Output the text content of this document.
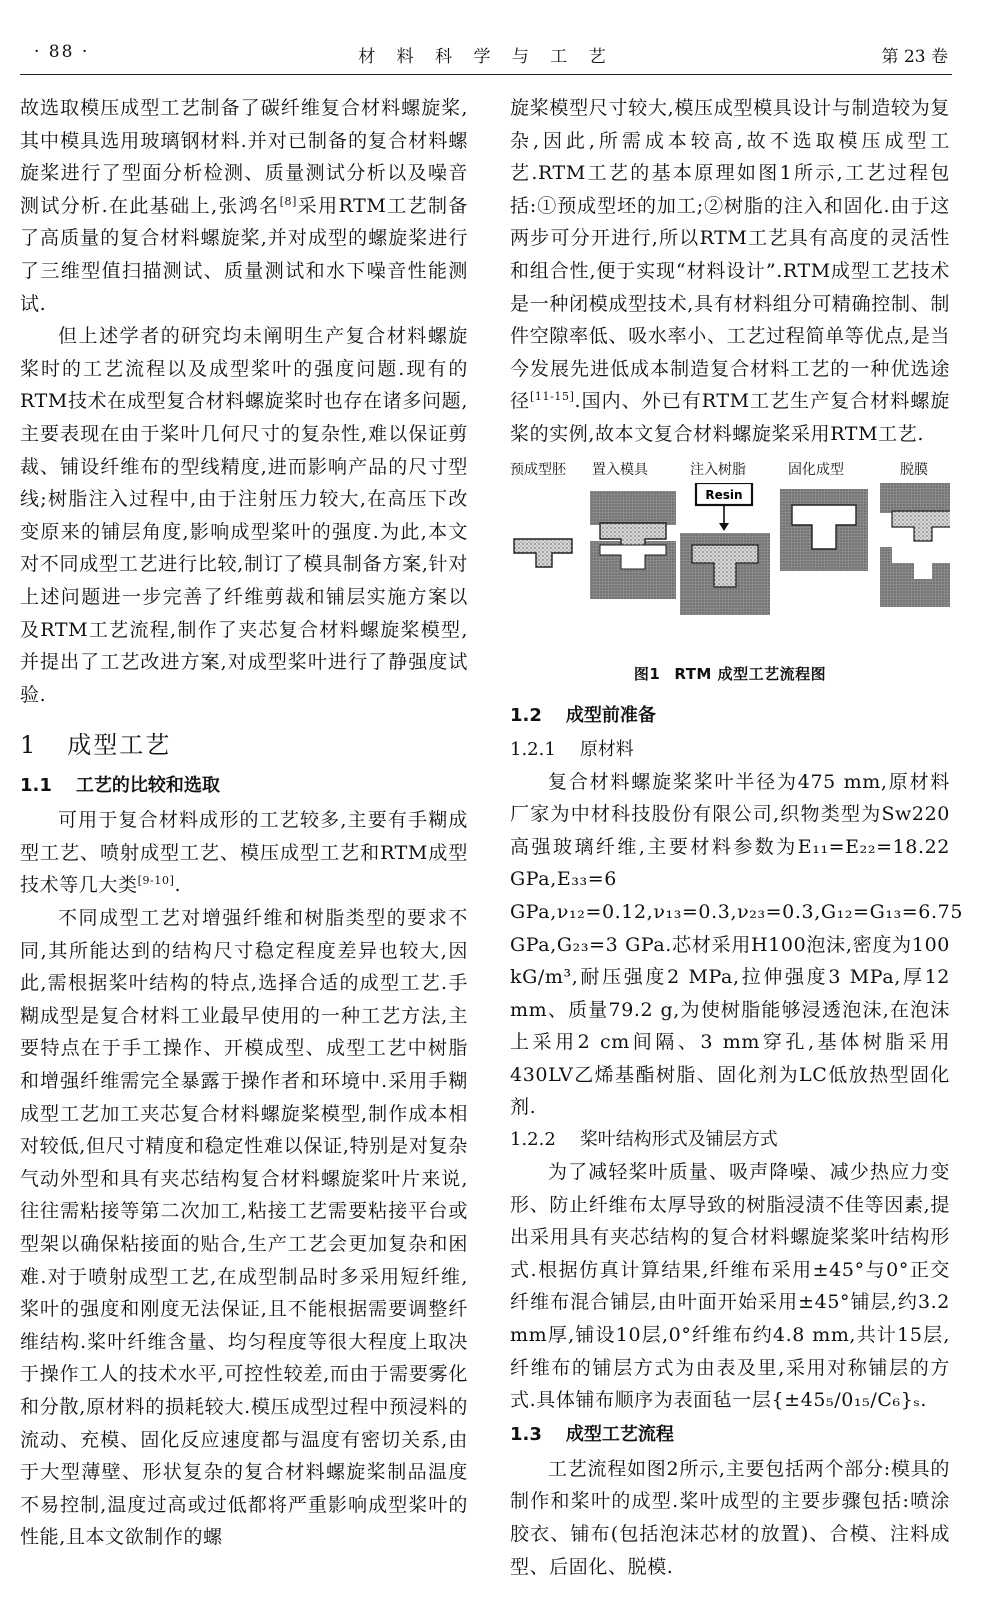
· 88 ·	材 料 科 学 与 工 艺	第 23 卷

故选取模压成型工艺制备了碳纤维复合材料螺旋桨,其中模具选用玻璃钢材料.并对已制备的复合材料螺旋桨进行了型面分析检测、质量测试分析以及噪音测试分析.在此基础上,张鸿名[8]采用RTM工艺制备了高质量的复合材料螺旋桨,并对成型的螺旋桨进行了三维型值扫描测试、质量测试和水下噪音性能测试.

但上述学者的研究均未阐明生产复合材料螺旋桨时的工艺流程以及成型桨叶的强度问题.现有的RTM技术在成型复合材料螺旋桨时也存在诸多问题,主要表现在由于桨叶几何尺寸的复杂性,难以保证剪裁、铺设纤维布的型线精度,进而影响产品的尺寸型线;树脂注入过程中,由于注射压力较大,在高压下改变原来的铺层角度,影响成型桨叶的强度.为此,本文对不同成型工艺进行比较,制订了模具制备方案,针对上述问题进一步完善了纤维剪裁和铺层实施方案以及RTM工艺流程,制作了夹芯复合材料螺旋桨模型,并提出了工艺改进方案,对成型桨叶进行了静强度试验.

1 成型工艺
1.1 工艺的比较和选取

可用于复合材料成形的工艺较多,主要有手糊成型工艺、喷射成型工艺、模压成型工艺和RTM成型技术等几大类[9-10].

不同成型工艺对增强纤维和树脂类型的要求不同,其所能达到的结构尺寸稳定程度差异也较大,因此,需根据桨叶结构的特点,选择合适的成型工艺.手糊成型是复合材料工业最早使用的一种工艺方法,主要特点在于手工操作、开模成型、成型工艺中树脂和增强纤维需完全暴露于操作者和环境中.采用手糊成型工艺加工夹芯复合材料螺旋桨模型,制作成本相对较低,但尺寸精度和稳定性难以保证,特别是对复杂气动外型和具有夹芯结构复合材料螺旋桨叶片来说,往往需粘接等第二次加工,粘接工艺需要粘接平台或型架以确保粘接面的贴合,生产工艺会更加复杂和困难.对于喷射成型工艺,在成型制品时多采用短纤维,桨叶的强度和刚度无法保证,且不能根据需要调整纤维结构.桨叶纤维含量、均匀程度等很大程度上取决于操作工人的技术水平,可控性较差,而由于需要雾化和分散,原材料的损耗较大.模压成型过程中预浸料的流动、充模、固化反应速度都与温度有密切关系,由于大型薄壁、形状复杂的复合材料螺旋桨制品温度不易控制,温度过高或过低都将严重影响成型桨叶的性能,且本文欲制作的螺

旋桨模型尺寸较大,模压成型模具设计与制造较为复杂,因此,所需成本较高,故不选取模压成型工艺.RTM工艺的基本原理如图1所示,工艺过程包括:①预成型坯的加工;②树脂的注入和固化.由于这两步可分开进行,所以RTM工艺具有高度的灵活性和组合性,便于实现“材料设计”.RTM成型工艺技术是一种闭模成型技术,具有材料组分可精确控制、制件空隙率低、吸水率小、工艺过程简单等优点,是当今发展先进低成本制造复合材料工艺的一种优选途径[11-15].国内、外已有RTM工艺生产复合材料螺旋桨的实例,故本文复合材料螺旋桨采用RTM工艺.

预成型胚 置入模具	注入树脂	固化成型	脱膜
Resin
图1 RTM 成型工艺流程图
1.2 成型前准备
1.2.1 原材料

复合材料螺旋桨桨叶半径为475 mm,原材料厂家为中材科技股份有限公司,织物类型为Sw220高强玻璃纤维,主要材料参数为E₁₁=E₂₂=18.22 GPa,E₃₃=6 GPa,ν₁₂=0.12,ν₁₃=0.3,ν₂₃=0.3,G₁₂=G₁₃=6.75 GPa,G₂₃=3 GPa.芯材采用H100泡沫,密度为100 kG/m³,耐压强度2 MPa,拉伸强度3 MPa,厚12 mm、质量79.2 g,为使树脂能够浸透泡沫,在泡沫上采用2 cm间隔、3 mm穿孔,基体树脂采用430LV乙烯基酯树脂、固化剂为LC低放热型固化剂.

1.2.2 桨叶结构形式及铺层方式

为了减轻桨叶质量、吸声降噪、减少热应力变形、防止纤维布太厚导致的树脂浸渍不佳等因素,提出采用具有夹芯结构的复合材料螺旋桨桨叶结构形式.根据仿真计算结果,纤维布采用±45°与0°正交纤维布混合铺层,由叶面开始采用±45°铺层,约3.2 mm厚,铺设10层,0°纤维布约4.8 mm,共计15层,纤维布的铺层方式为由表及里,采用对称铺层的方式.具体铺布顺序为表面毡一层{±45₅/0₁₅/C₆}ₛ.

1.3 成型工艺流程

工艺流程如图2所示,主要包括两个部分:模具的制作和桨叶的成型.桨叶成型的主要步骤包括:喷涂胶衣、铺布(包括泡沫芯材的放置)、合模、注料成型、后固化、脱模.
